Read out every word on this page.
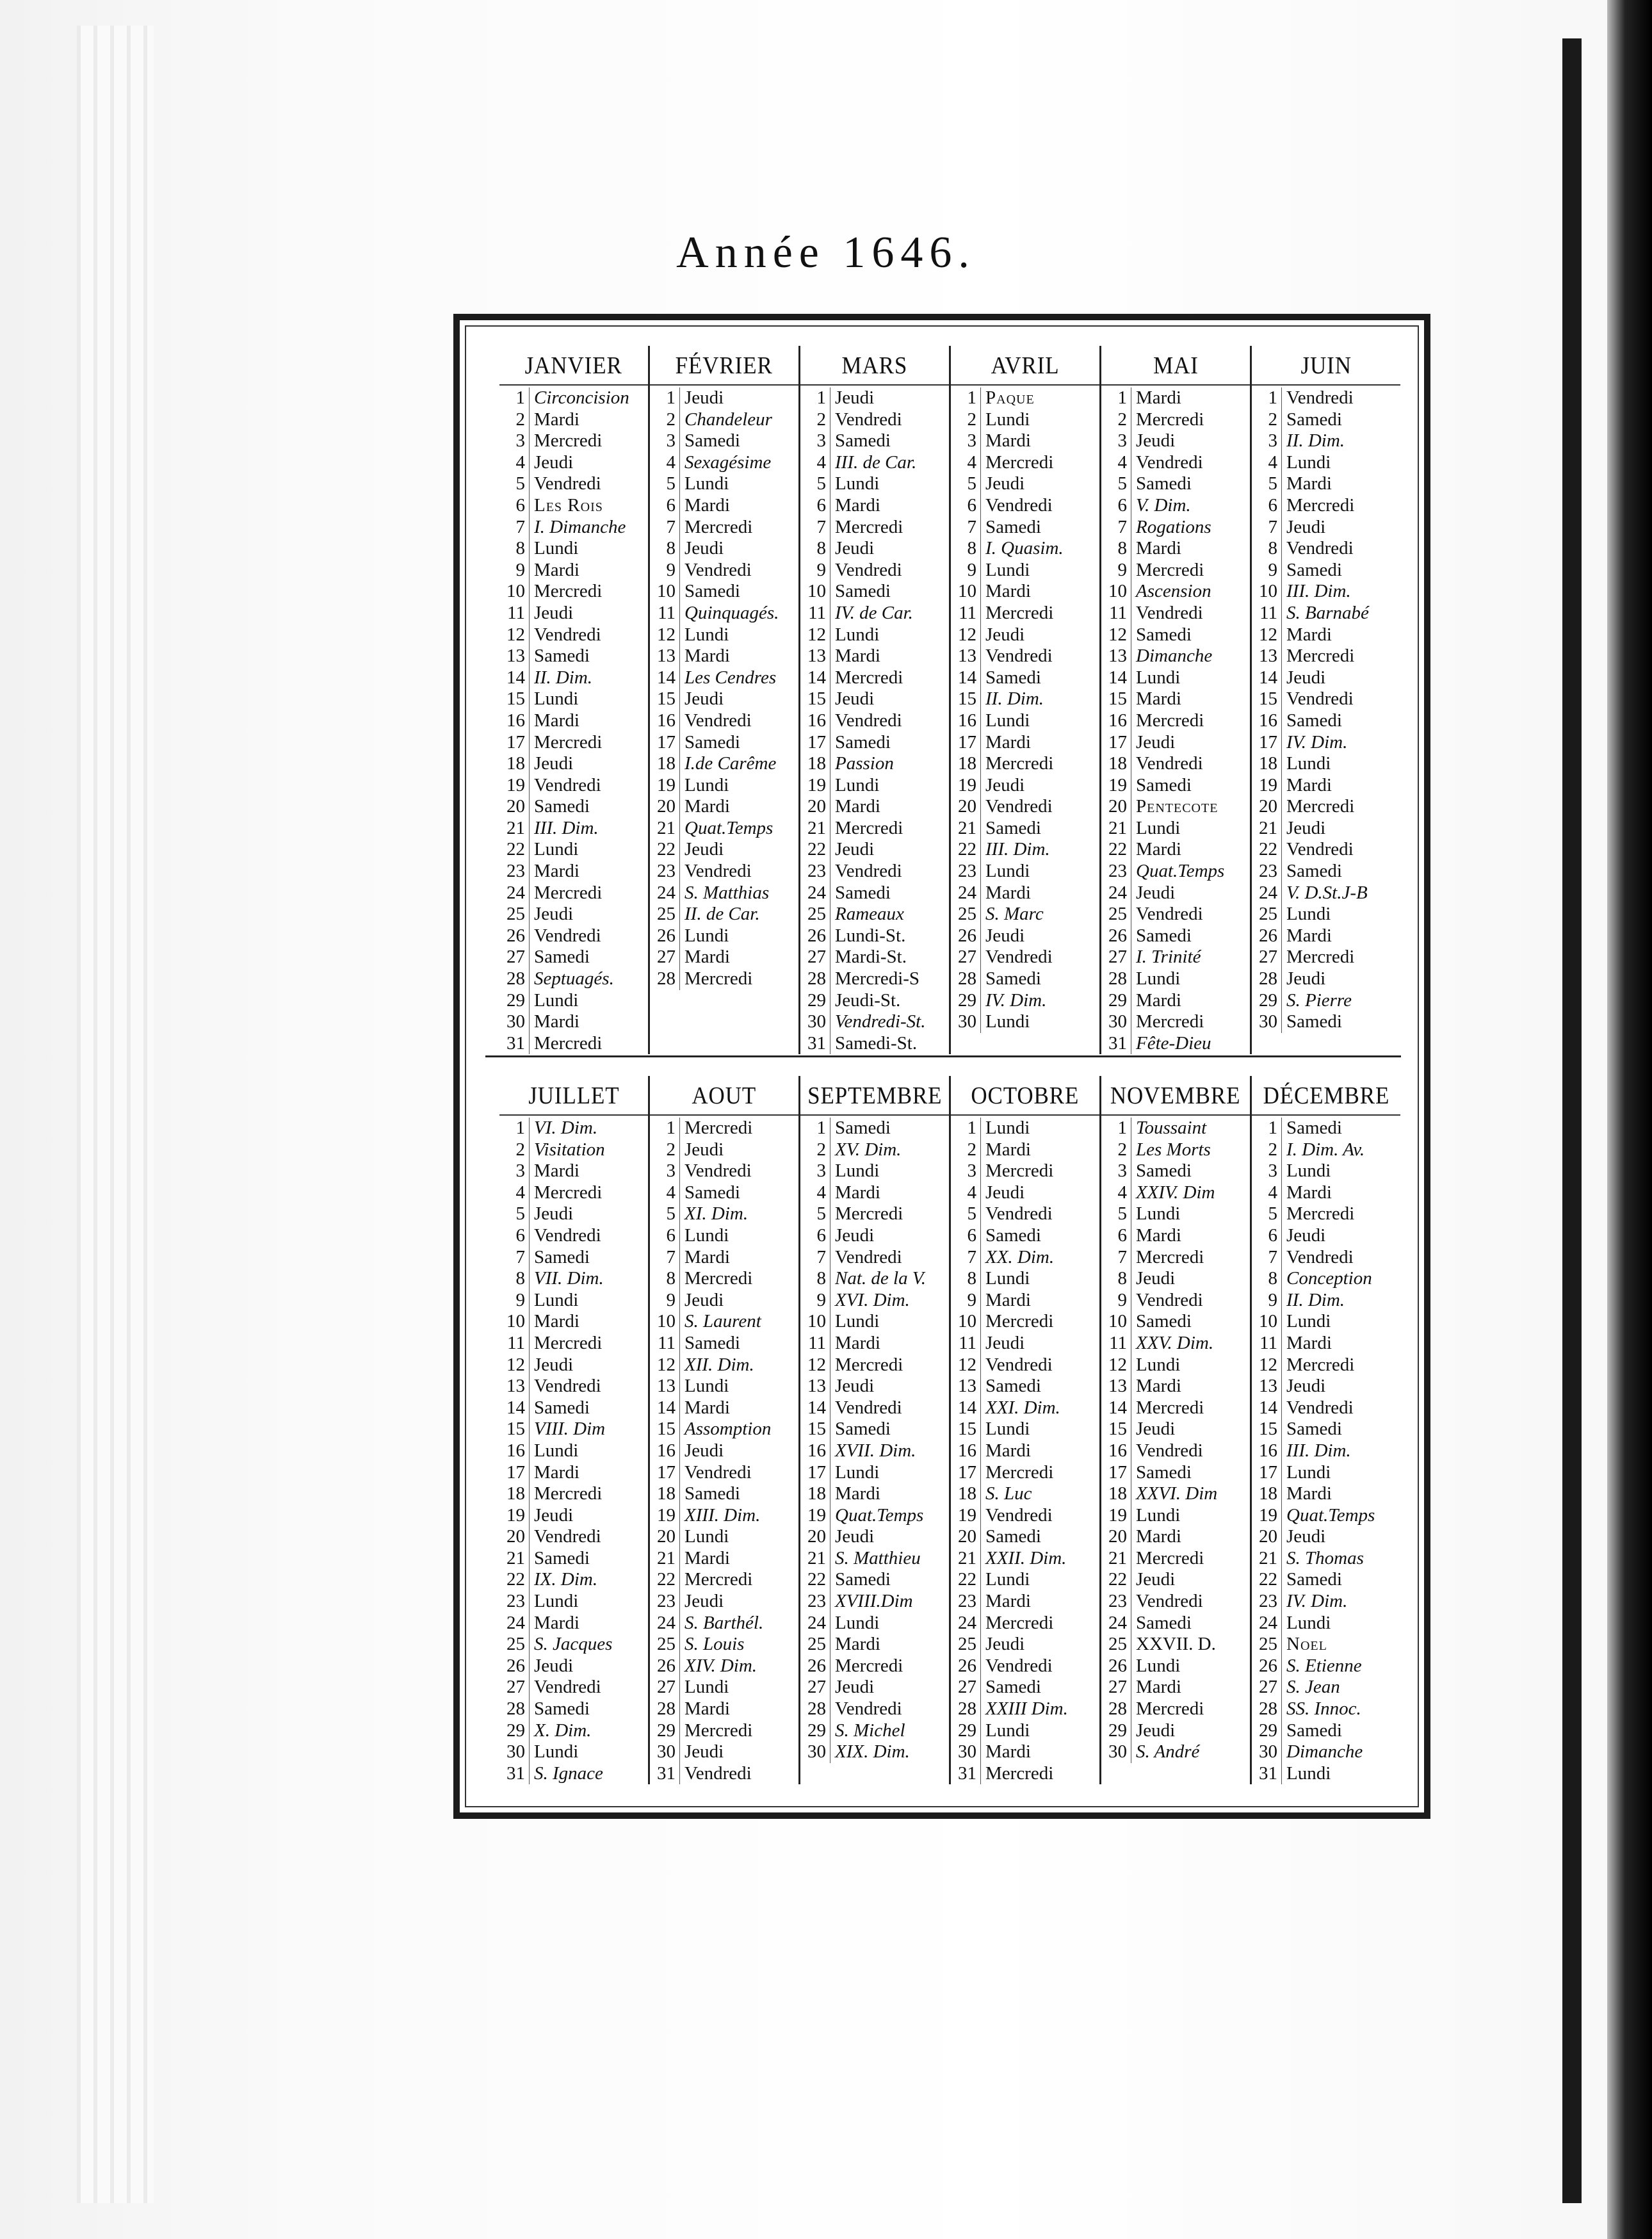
Année 1646.
JANVIER
1 Circoncision
2 Mardi
3 Mercredi
4 Jeudi
5 Vendredi
6 Les Rois
7 I. Dimanche
8 Lundi
9 Mardi
10 Mercredi
11 Jeudi
12 Vendredi
13 Samedi
14 II. Dim.
15 Lundi
16 Mardi
17 Mercredi
18 Jeudi
19 Vendredi
20 Samedi
21 III. Dim.
22 Lundi
23 Mardi
24 Mercredi
25 Jeudi
26 Vendredi
27 Samedi
28 Septuagés.
29 Lundi
30 Mardi
31 Mercredi
FÉVRIER
1 Jeudi
2 Chandeleur
3 Samedi
4 Sexagésime
5 Lundi
6 Mardi
7 Mercredi
8 Jeudi
9 Vendredi
10 Samedi
11 Quinquagés.
12 Lundi
13 Mardi
14 Les Cendres
15 Jeudi
16 Vendredi
17 Samedi
18 I.de Carême
19 Lundi
20 Mardi
21 Quat.Temps
22 Jeudi
23 Vendredi
24 S. Matthias
25 II. de Car.
26 Lundi
27 Mardi
28 Mercredi
MARS
1 Jeudi
2 Vendredi
3 Samedi
4 III. de Car.
5 Lundi
6 Mardi
7 Mercredi
8 Jeudi
9 Vendredi
10 Samedi
11 IV. de Car.
12 Lundi
13 Mardi
14 Mercredi
15 Jeudi
16 Vendredi
17 Samedi
18 Passion
19 Lundi
20 Mardi
21 Mercredi
22 Jeudi
23 Vendredi
24 Samedi
25 Rameaux
26 Lundi-St.
27 Mardi-St.
28 Mercredi-S
29 Jeudi-St.
30 Vendredi-St.
31 Samedi-St.
AVRIL
1 Paque
2 Lundi
3 Mardi
4 Mercredi
5 Jeudi
6 Vendredi
7 Samedi
8 I. Quasim.
9 Lundi
10 Mardi
11 Mercredi
12 Jeudi
13 Vendredi
14 Samedi
15 II. Dim.
16 Lundi
17 Mardi
18 Mercredi
19 Jeudi
20 Vendredi
21 Samedi
22 III. Dim.
23 Lundi
24 Mardi
25 S. Marc
26 Jeudi
27 Vendredi
28 Samedi
29 IV. Dim.
30 Lundi
MAI
1 Mardi
2 Mercredi
3 Jeudi
4 Vendredi
5 Samedi
6 V. Dim.
7 Rogations
8 Mardi
9 Mercredi
10 Ascension
11 Vendredi
12 Samedi
13 Dimanche
14 Lundi
15 Mardi
16 Mercredi
17 Jeudi
18 Vendredi
19 Samedi
20 Pentecote
21 Lundi
22 Mardi
23 Quat.Temps
24 Jeudi
25 Vendredi
26 Samedi
27 I. Trinité
28 Lundi
29 Mardi
30 Mercredi
31 Fête-Dieu
JUIN
1 Vendredi
2 Samedi
3 II. Dim.
4 Lundi
5 Mardi
6 Mercredi
7 Jeudi
8 Vendredi
9 Samedi
10 III. Dim.
11 S. Barnabé
12 Mardi
13 Mercredi
14 Jeudi
15 Vendredi
16 Samedi
17 IV. Dim.
18 Lundi
19 Mardi
20 Mercredi
21 Jeudi
22 Vendredi
23 Samedi
24 V. D.St.J-B
25 Lundi
26 Mardi
27 Mercredi
28 Jeudi
29 S. Pierre
30 Samedi
JUILLET
1 VI. Dim.
2 Visitation
3 Mardi
4 Mercredi
5 Jeudi
6 Vendredi
7 Samedi
8 VII. Dim.
9 Lundi
10 Mardi
11 Mercredi
12 Jeudi
13 Vendredi
14 Samedi
15 VIII. Dim
16 Lundi
17 Mardi
18 Mercredi
19 Jeudi
20 Vendredi
21 Samedi
22 IX. Dim.
23 Lundi
24 Mardi
25 S. Jacques
26 Jeudi
27 Vendredi
28 Samedi
29 X. Dim.
30 Lundi
31 S. Ignace
AOUT
1 Mercredi
2 Jeudi
3 Vendredi
4 Samedi
5 XI. Dim.
6 Lundi
7 Mardi
8 Mercredi
9 Jeudi
10 S. Laurent
11 Samedi
12 XII. Dim.
13 Lundi
14 Mardi
15 Assomption
16 Jeudi
17 Vendredi
18 Samedi
19 XIII. Dim.
20 Lundi
21 Mardi
22 Mercredi
23 Jeudi
24 S. Barthél.
25 S. Louis
26 XIV. Dim.
27 Lundi
28 Mardi
29 Mercredi
30 Jeudi
31 Vendredi
SEPTEMBRE
1 Samedi
2 XV. Dim.
3 Lundi
4 Mardi
5 Mercredi
6 Jeudi
7 Vendredi
8 Nat. de la V.
9 XVI. Dim.
10 Lundi
11 Mardi
12 Mercredi
13 Jeudi
14 Vendredi
15 Samedi
16 XVII. Dim.
17 Lundi
18 Mardi
19 Quat.Temps
20 Jeudi
21 S. Matthieu
22 Samedi
23 XVIII.Dim
24 Lundi
25 Mardi
26 Mercredi
27 Jeudi
28 Vendredi
29 S. Michel
30 XIX. Dim.
OCTOBRE
1 Lundi
2 Mardi
3 Mercredi
4 Jeudi
5 Vendredi
6 Samedi
7 XX. Dim.
8 Lundi
9 Mardi
10 Mercredi
11 Jeudi
12 Vendredi
13 Samedi
14 XXI. Dim.
15 Lundi
16 Mardi
17 Mercredi
18 S. Luc
19 Vendredi
20 Samedi
21 XXII. Dim.
22 Lundi
23 Mardi
24 Mercredi
25 Jeudi
26 Vendredi
27 Samedi
28 XXIII Dim.
29 Lundi
30 Mardi
31 Mercredi
NOVEMBRE
1 Toussaint
2 Les Morts
3 Samedi
4 XXIV. Dim
5 Lundi
6 Mardi
7 Mercredi
8 Jeudi
9 Vendredi
10 Samedi
11 XXV. Dim.
12 Lundi
13 Mardi
14 Mercredi
15 Jeudi
16 Vendredi
17 Samedi
18 XXVI. Dim
19 Lundi
20 Mardi
21 Mercredi
22 Jeudi
23 Vendredi
24 Samedi
25 XXVII. D.
26 Lundi
27 Mardi
28 Mercredi
29 Jeudi
30 S. André
DÉCEMBRE
1 Samedi
2 I. Dim. Av.
3 Lundi
4 Mardi
5 Mercredi
6 Jeudi
7 Vendredi
8 Conception
9 II. Dim.
10 Lundi
11 Mardi
12 Mercredi
13 Jeudi
14 Vendredi
15 Samedi
16 III. Dim.
17 Lundi
18 Mardi
19 Quat.Temps
20 Jeudi
21 S. Thomas
22 Samedi
23 IV. Dim.
24 Lundi
25 Noel
26 S. Etienne
27 S. Jean
28 SS. Innoc.
29 Samedi
30 Dimanche
31 Lundi
